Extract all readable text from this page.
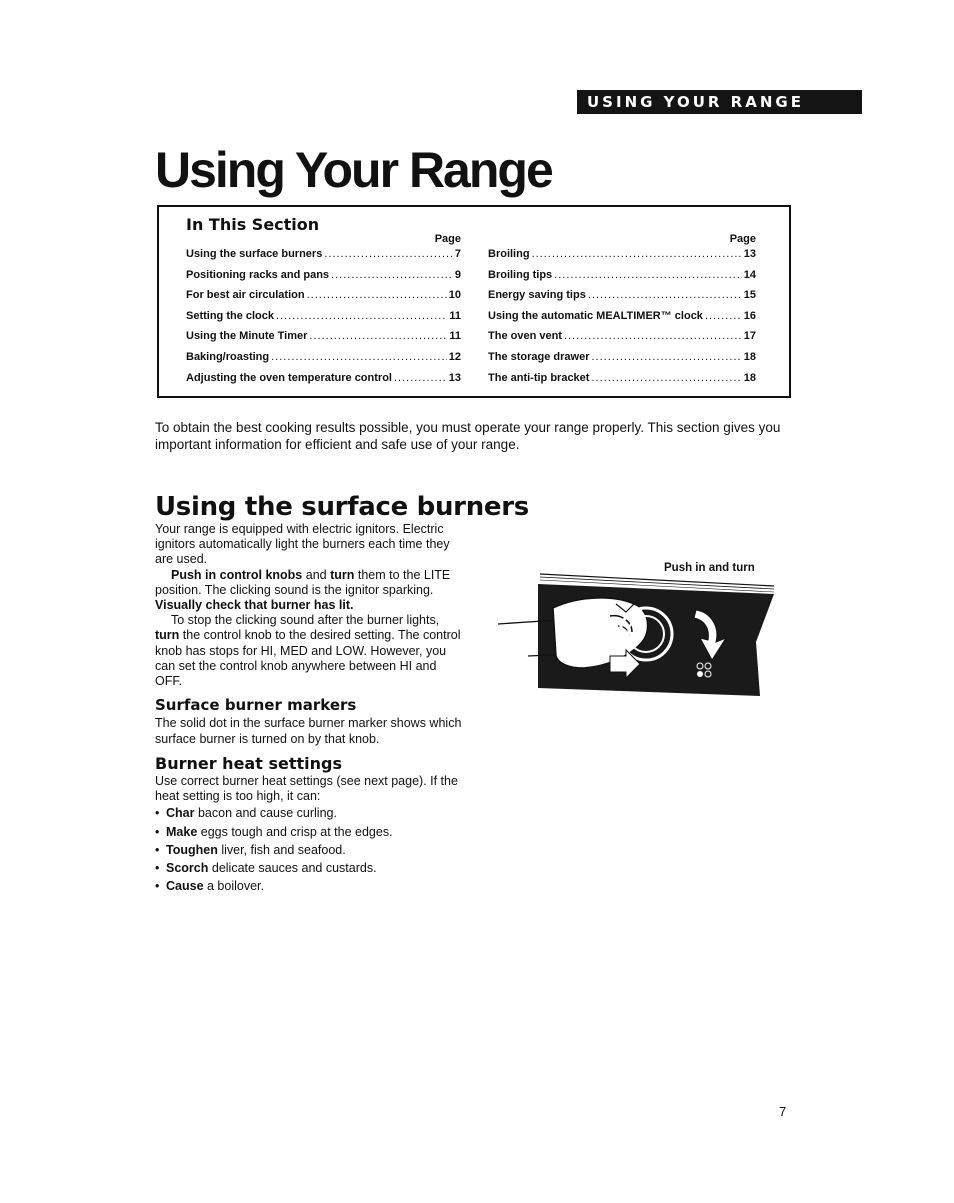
USING YOUR RANGE
Using Your Range
In This Section
Page
Using the surface burners .....	7
Positioning racks and pans .....	9
For best air circulation .....	10
Setting the clock .....	11
Using the Minute Timer .....	11
Baking/roasting .....	12
Adjusting the oven temperature control .....	13
Page
Broiling .....	13
Broiling tips .....	14
Energy saving tips .....	15
Using the automatic MEALTIMER™ clock .....	16
The oven vent .....	17
The storage drawer .....	18
The anti-tip bracket .....	18

To obtain the best cooking results possible, you must operate your range properly. This section gives you important information for efficient and safe use of your range.

Using the surface burners

Your range is equipped with electric ignitors. Electric ignitors automatically light the burners each time they are used.

Push in control knobs and turn them to the LITE position. The clicking sound is the ignitor sparking. Visually check that burner has lit.

To stop the clicking sound after the burner lights, turn the control knob to the desired setting. The control knob has stops for HI, MED and LOW. However, you can set the control knob anywhere between HI and OFF.

Surface burner markers

The solid dot in the surface burner marker shows which surface burner is turned on by that knob.

Burner heat settings

Use correct burner heat settings (see next page). If the heat setting is too high, it can:

• Char bacon and cause curling.
• Make eggs tough and crisp at the edges.
• Toughen liver, fish and seafood.
• Scorch delicate sauces and custards.
• Cause a boilover.
Push in and turn
7
